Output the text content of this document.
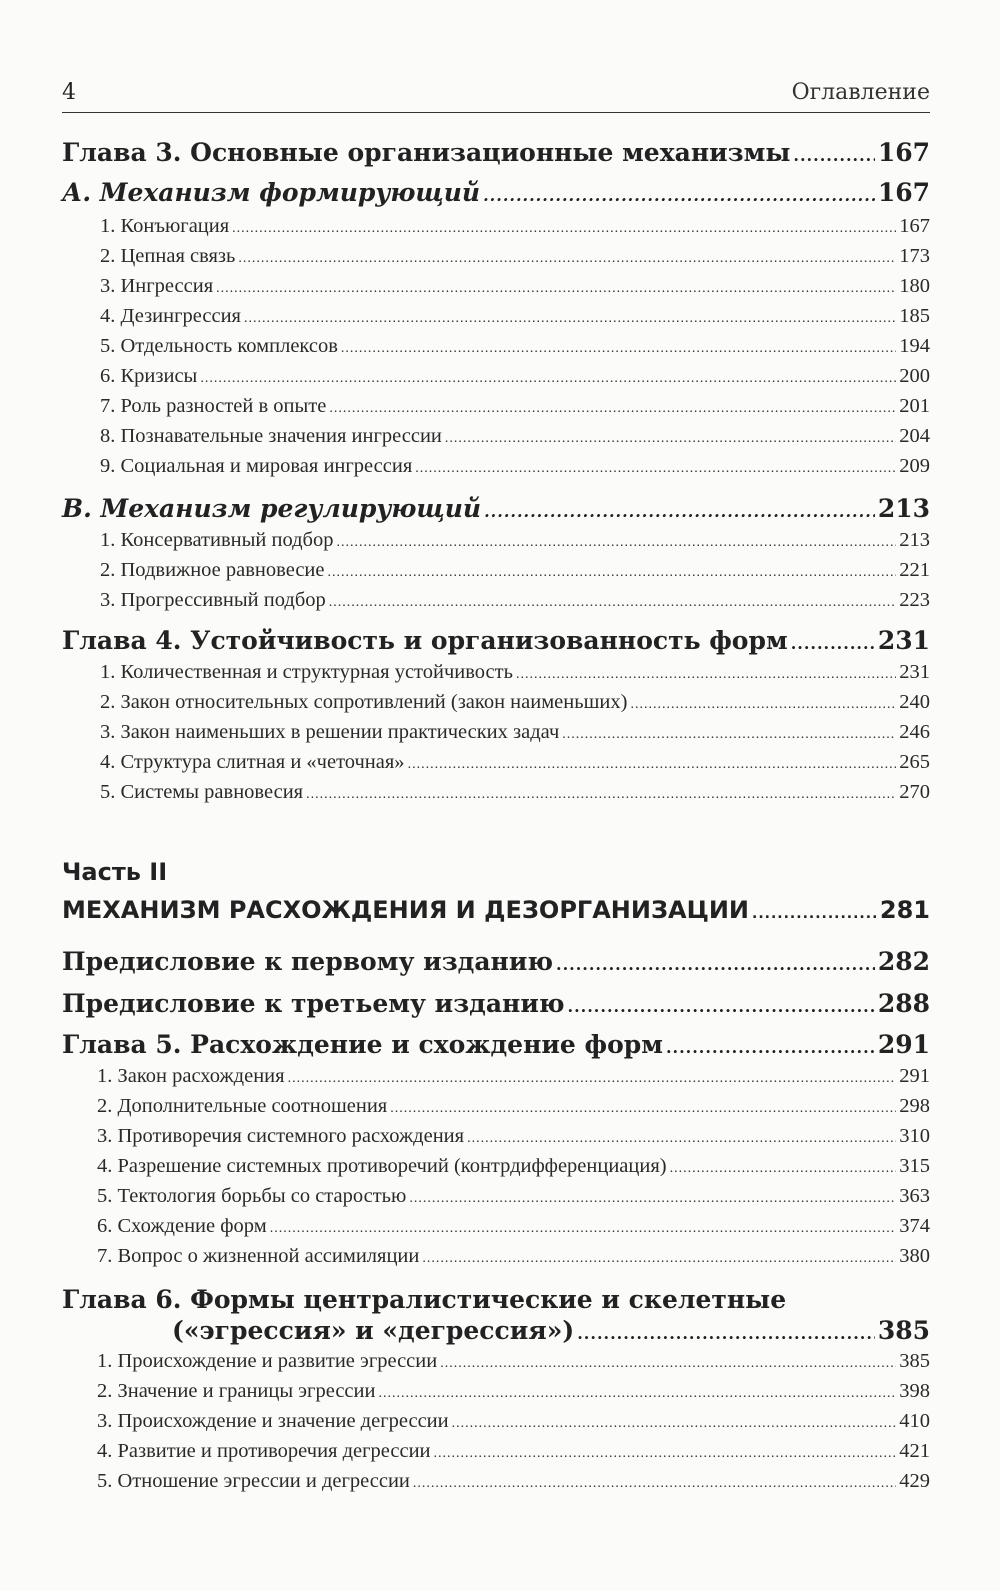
4	Оглавление
Глава 3. Основные организационные механизмы .....	167
А. Механизм формирующий .....	167
1. Конъюгация .....	167
2. Цепная связь .....	173
3. Ингрессия .....	180
4. Дезингрессия .....	185
5. Отдельность комплексов .....	194
6. Кризисы .....	200
7. Роль разностей в опыте .....	201
8. Познавательные значения ингрессии .....	204
9. Социальная и мировая ингрессия .....	209
В. Механизм регулирующий .....	213
1. Консервативный подбор .....	213
2. Подвижное равновесие .....	221
3. Прогрессивный подбор .....	223
Глава 4. Устойчивость и организованность форм .....	231
1. Количественная и структурная устойчивость .....	231
2. Закон относительных сопротивлений (закон наименьших) .....	240
3. Закон наименьших в решении практических задач .....	246
4. Структура слитная и «четочная» .....	265
5. Системы равновесия .....	270
Часть II
МЕХАНИЗМ РАСХОЖДЕНИЯ И ДЕЗОРГАНИЗАЦИИ .....	281
Предисловие к первому изданию .....	282
Предисловие к третьему изданию .....	288
Глава 5. Расхождение и схождение форм .....	291
1. Закон расхождения .....	291
2. Дополнительные соотношения .....	298
3. Противоречия системного расхождения .....	310
4. Разрешение системных противоречий (контрдифференциация) .....	315
5. Тектология борьбы со старостью .....	363
6. Схождение форм .....	374
7. Вопрос о жизненной ассимиляции .....	380
Глава 6. Формы централистические и скелетные
(«эгрессия» и «дегрессия») .....	385
1. Происхождение и развитие эгрессии .....	385
2. Значение и границы эгрессии .....	398
3. Происхождение и значение дегрессии .....	410
4. Развитие и противоречия дегрессии .....	421
5. Отношение эгрессии и дегрессии .....	429
